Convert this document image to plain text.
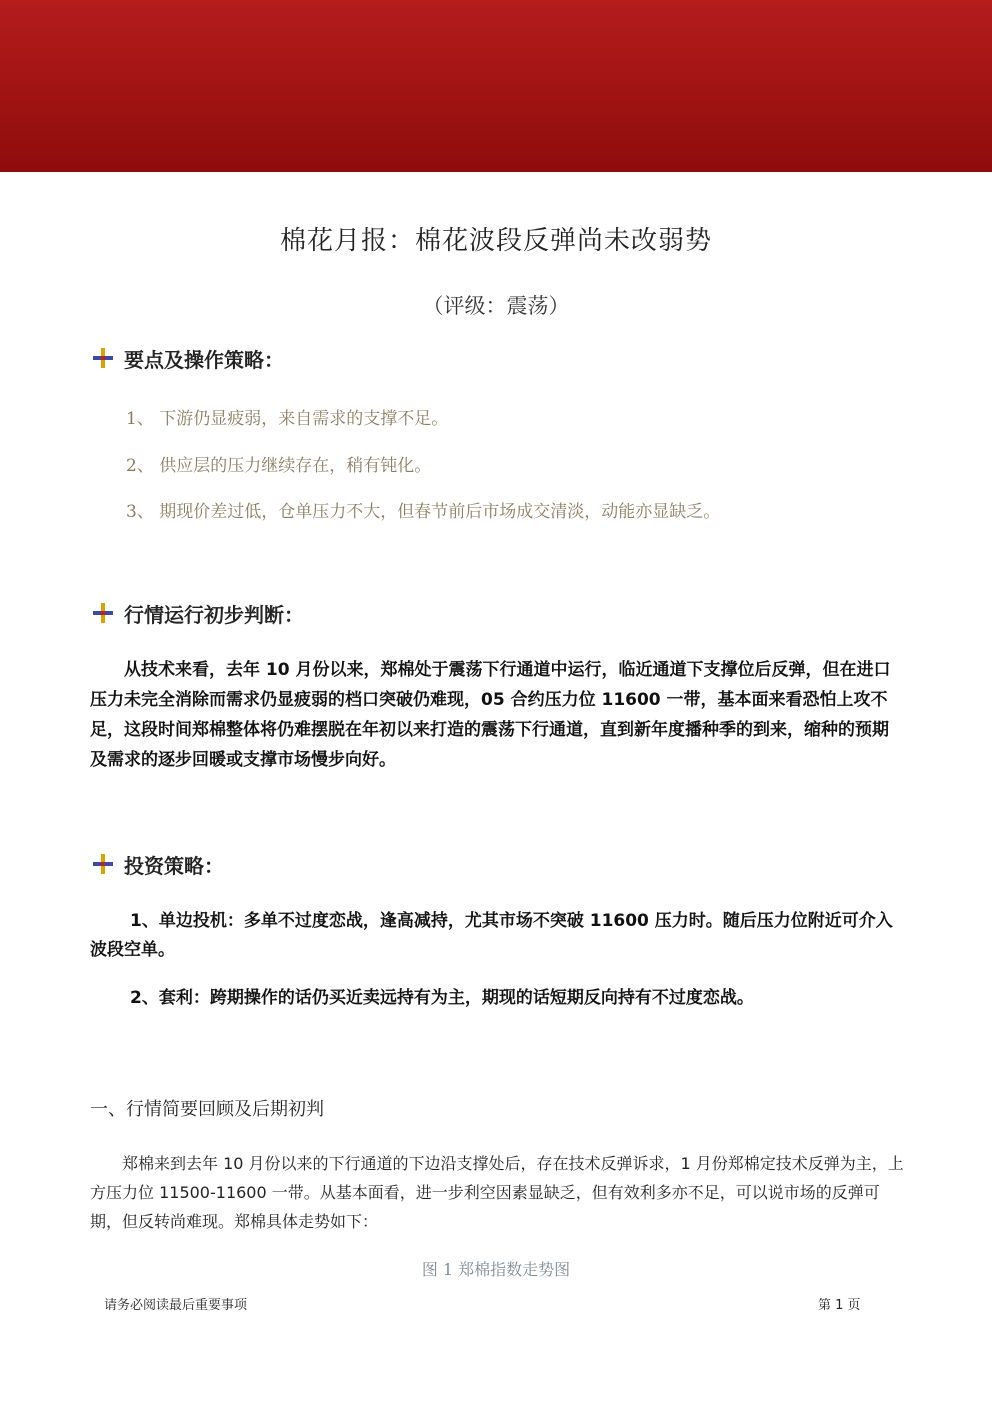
棉花月报：棉花波段反弹尚未改弱势
（评级：震荡）
要点及操作策略：
1、 下游仍显疲弱，来自需求的支撑不足。
2、 供应层的压力继续存在，稍有钝化。
3、 期现价差过低，仓单压力不大，但春节前后市场成交清淡，动能亦显缺乏。
行情运行初步判断：
从技术来看，去年 10 月份以来，郑棉处于震荡下行通道中运行，临近通道下支撑位后反弹，但在进口压力未完全消除而需求仍显疲弱的档口突破仍难现，05 合约压力位 11600 一带，基本面来看恐怕上攻不足，这段时间郑棉整体将仍难摆脱在年初以来打造的震荡下行通道，直到新年度播种季的到来，缩种的预期及需求的逐步回暖或支撑市场慢步向好。
投资策略：
1、单边投机：多单不过度恋战，逢高减持，尤其市场不突破 11600 压力时。随后压力位附近可介入波段空单。
2、套利：跨期操作的话仍买近卖远持有为主，期现的话短期反向持有不过度恋战。
一、行情简要回顾及后期初判
郑棉来到去年 10 月份以来的下行通道的下边沿支撑处后，存在技术反弹诉求，1 月份郑棉定技术反弹为主，上方压力位 11500-11600 一带。从基本面看，进一步利空因素显缺乏，但有效利多亦不足，可以说市场的反弹可期，但反转尚难现。郑棉具体走势如下：
图 1 郑棉指数走势图
请务必阅读最后重要事项	第 1 页
